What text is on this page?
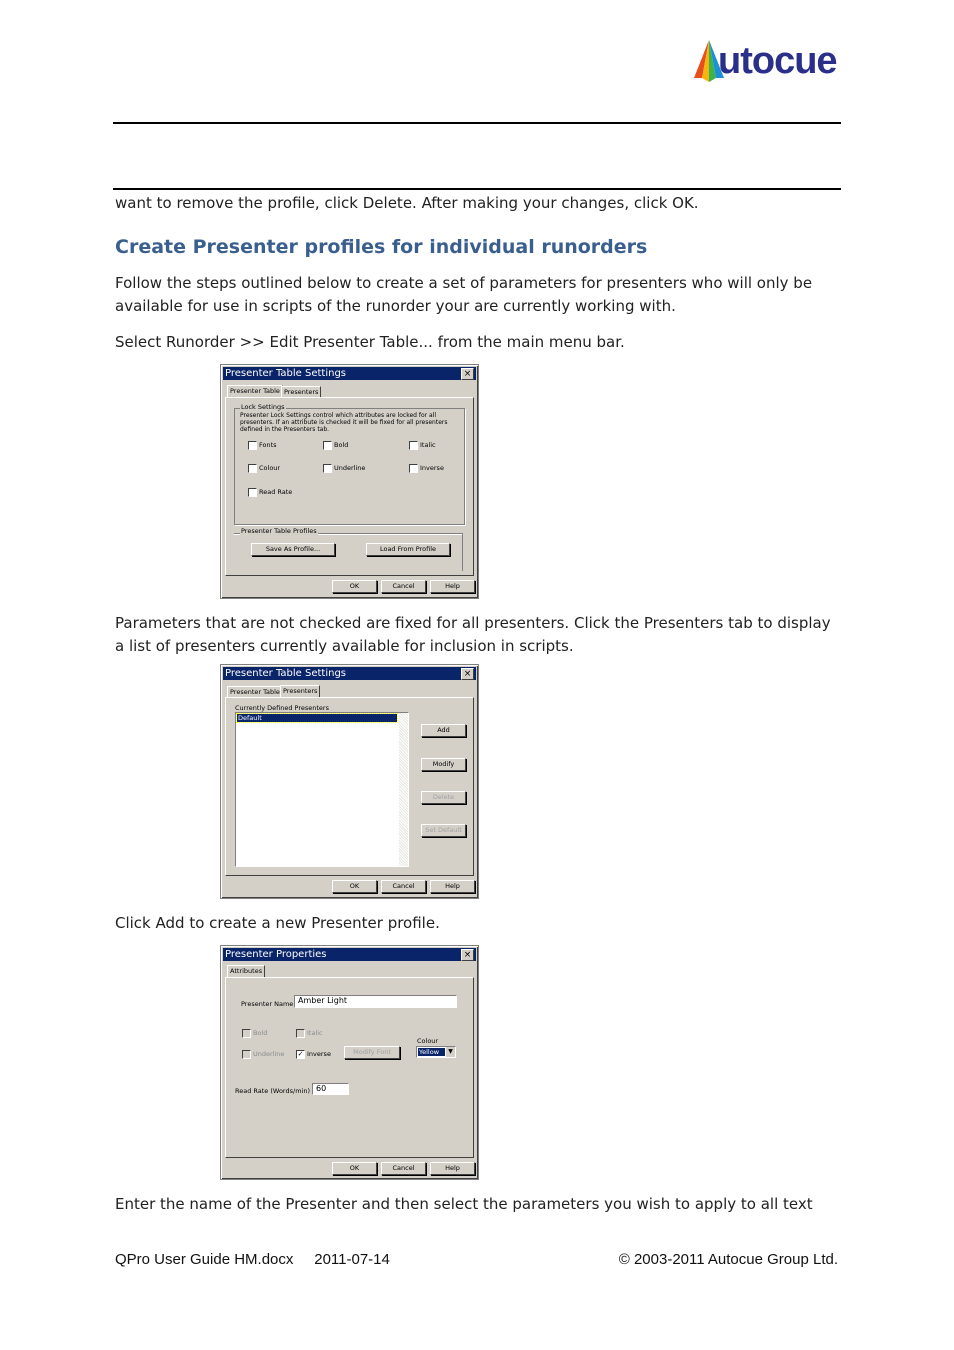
utocue
want to remove the profile, click Delete. After making your changes, click OK.
Create Presenter profiles for individual runorders
Follow the steps outlined below to create a set of parameters for presenters who will only be available for use in scripts of the runorder your are currently working with.
Select Runorder >> Edit Presenter Table... from the main menu bar.
Presenter Table Settings	×
Presenter Table Presenters
Lock Settings
Presenter Lock Settings control which attributes are locked for all presenters. If an attribute is checked it will be fixed for all presenters defined in the Presenters tab.
Fonts	Bold	Italic
Colour	Underline	Inverse
Read Rate
Presenter Table Profiles
Save As Profile...	Load From Profile
OK	Cancel	Help
Parameters that are not checked are fixed for all presenters. Click the Presenters tab to display a list of presenters currently available for inclusion in scripts.
Presenter Table Settings	×
Presenter Table Presenters
Currently Defined Presenters
Default
Add
Modify
Delete
Set Default
OK	Cancel	Help
Click Add to create a new Presenter profile.
Presenter Properties	×
Attributes
Presenter Name Amber Light
Bold	Italic
Underline ✓ Inverse	Modify Font
Colour
Yellow	▼
Read Rate (Words/min) 60
OK	Cancel	Help
Enter the name of the Presenter and then select the parameters you wish to apply to all text
QPro User Guide HM.docx     2011-07-14	© 2003-2011 Autocue Group Ltd.
